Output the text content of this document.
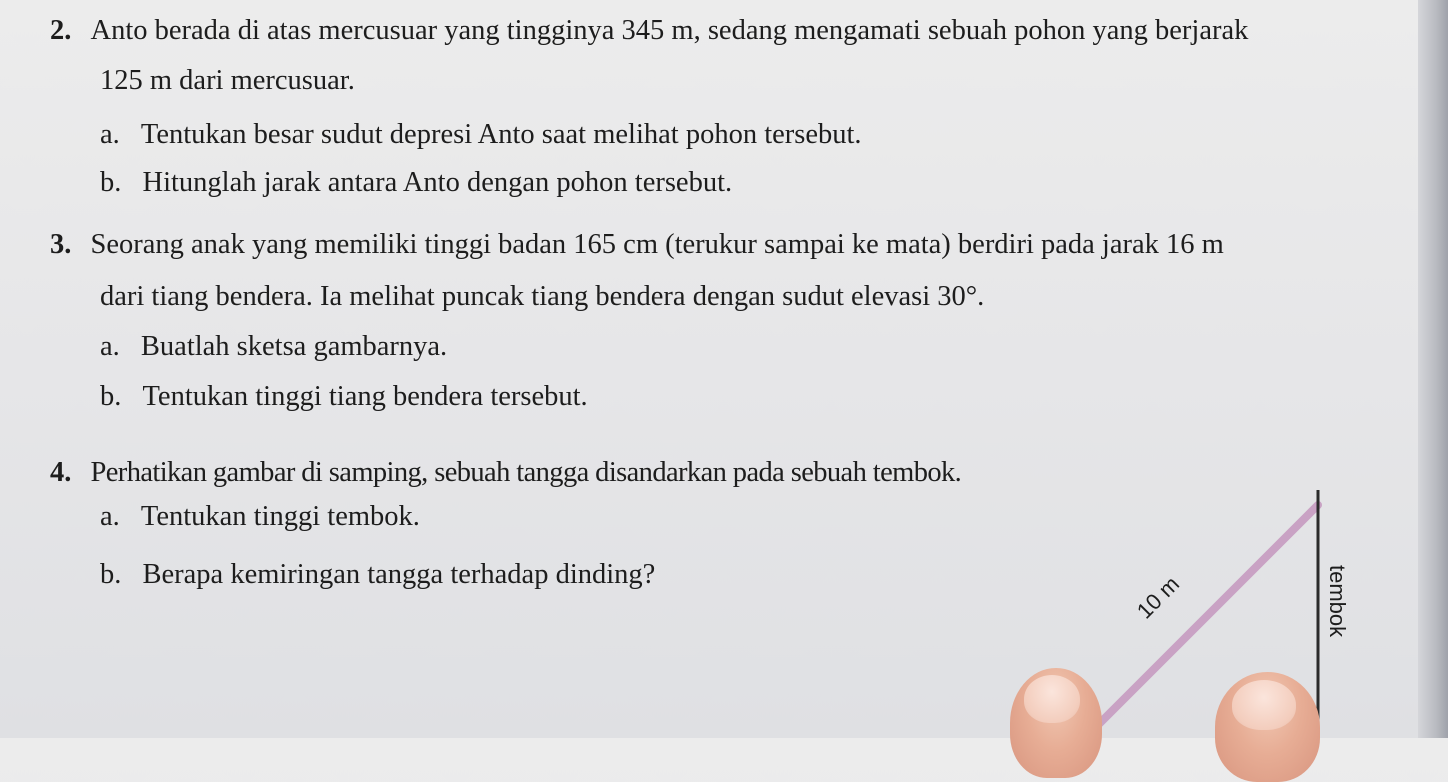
2. Anto berada di atas mercusuar yang tingginya 345 m, sedang mengamati sebuah pohon yang berjarak
125 m dari mercusuar.
a. Tentukan besar sudut depresi Anto saat melihat pohon tersebut.
b. Hitunglah jarak antara Anto dengan pohon tersebut.
3. Seorang anak yang memiliki tinggi badan 165 cm (terukur sampai ke mata) berdiri pada jarak 16 m
dari tiang bendera. Ia melihat puncak tiang bendera dengan sudut elevasi 30°.
a. Buatlah sketsa gambarnya.
b. Tentukan tinggi tiang bendera tersebut.
4. Perhatikan gambar di samping, sebuah tangga disandarkan pada sebuah tembok.
a. Tentukan tinggi tembok.
b. Berapa kemiringan tangga terhadap dinding?	10 m	tembok
